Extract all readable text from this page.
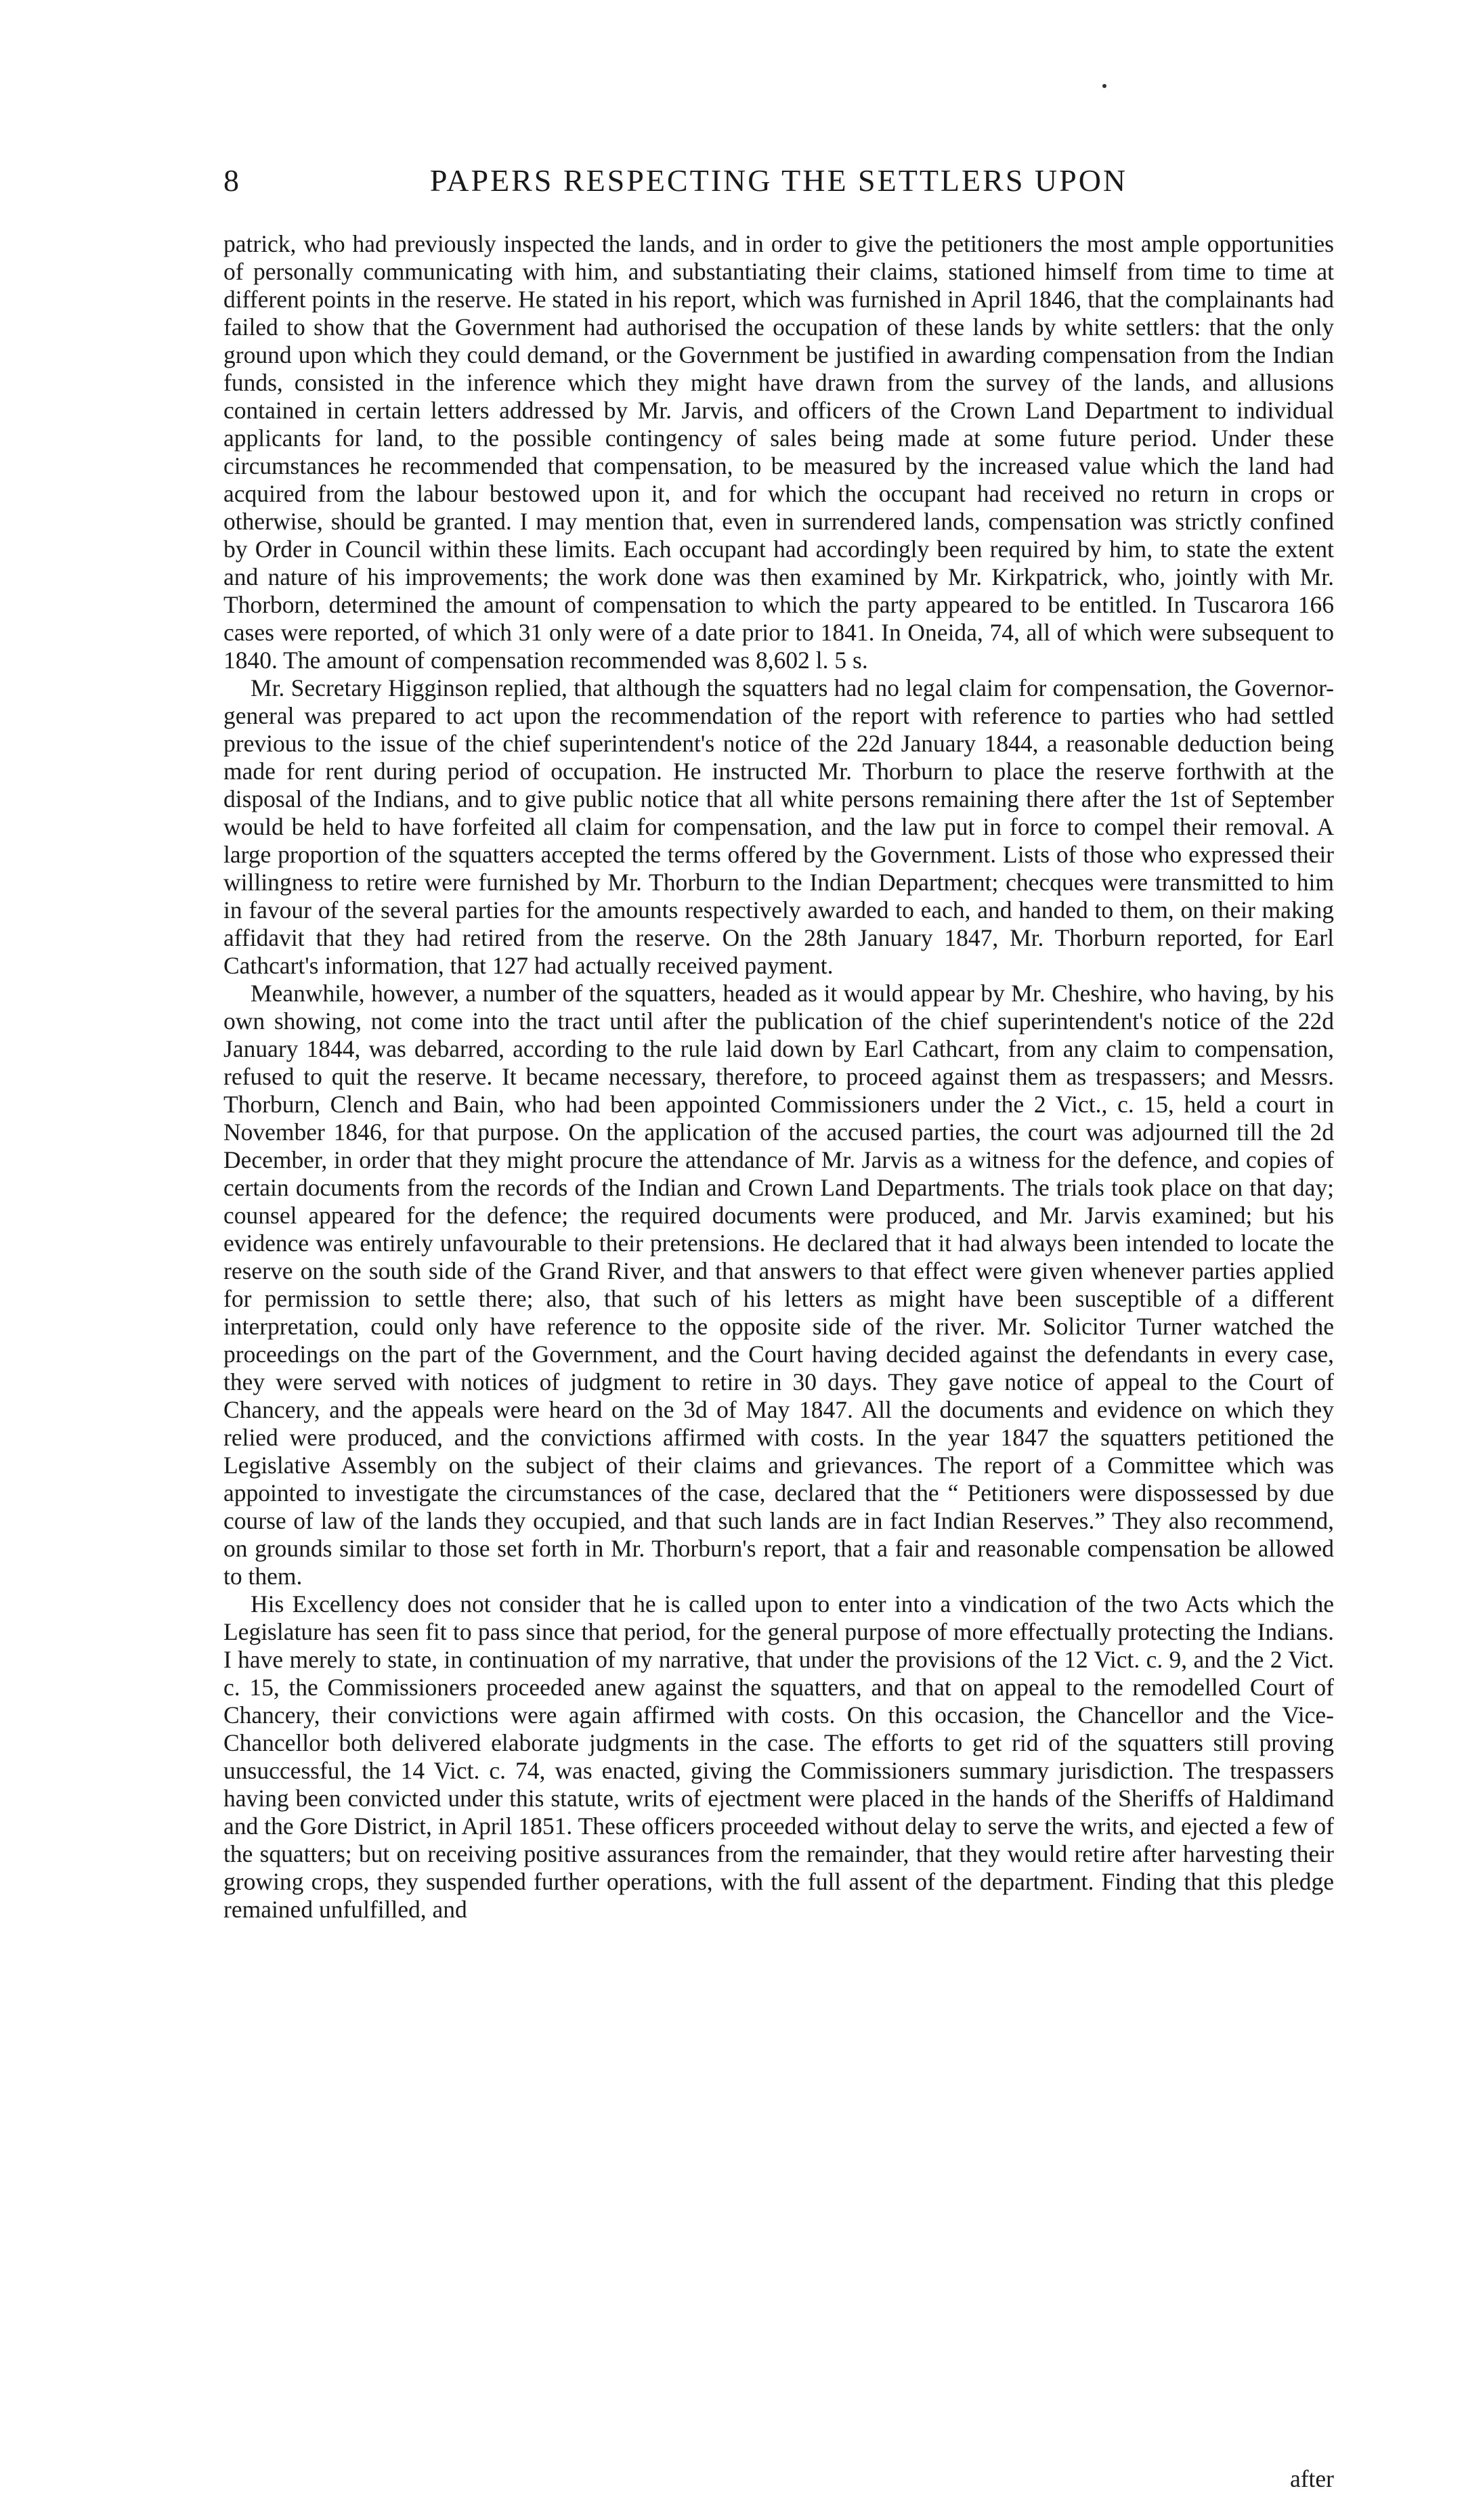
8	PAPERS RESPECTING THE SETTLERS UPON

patrick, who had previously inspected the lands, and in order to give the petitioners the most ample opportunities of personally communicating with him, and substantiating their claims, stationed himself from time to time at different points in the reserve. He stated in his report, which was furnished in April 1846, that the complainants had failed to show that the Government had authorised the occupation of these lands by white settlers: that the only ground upon which they could demand, or the Government be justified in awarding compensation from the Indian funds, consisted in the inference which they might have drawn from the survey of the lands, and allusions contained in certain letters addressed by Mr. Jarvis, and officers of the Crown Land Department to individual applicants for land, to the possible contingency of sales being made at some future period. Under these circumstances he recommended that compensation, to be measured by the increased value which the land had acquired from the labour bestowed upon it, and for which the occupant had received no return in crops or otherwise, should be granted. I may mention that, even in surrendered lands, compensation was strictly confined by Order in Council within these limits. Each occupant had accordingly been required by him, to state the extent and nature of his improvements; the work done was then examined by Mr. Kirkpatrick, who, jointly with Mr. Thorborn, determined the amount of compensation to which the party appeared to be entitled. In Tuscarora 166 cases were reported, of which 31 only were of a date prior to 1841. In Oneida, 74, all of which were subsequent to 1840. The amount of compensation recommended was 8,602 l. 5 s.

Mr. Secretary Higginson replied, that although the squatters had no legal claim for compensation, the Governor-general was prepared to act upon the recommendation of the report with reference to parties who had settled previous to the issue of the chief superintendent's notice of the 22d January 1844, a reasonable deduction being made for rent during period of occupation. He instructed Mr. Thorburn to place the reserve forthwith at the disposal of the Indians, and to give public notice that all white persons remaining there after the 1st of September would be held to have forfeited all claim for compensation, and the law put in force to compel their removal. A large proportion of the squatters accepted the terms offered by the Government. Lists of those who expressed their willingness to retire were furnished by Mr. Thorburn to the Indian Department; checques were transmitted to him in favour of the several parties for the amounts respectively awarded to each, and handed to them, on their making affidavit that they had retired from the reserve. On the 28th January 1847, Mr. Thorburn reported, for Earl Cathcart's information, that 127 had actually received payment.

Meanwhile, however, a number of the squatters, headed as it would appear by Mr. Cheshire, who having, by his own showing, not come into the tract until after the publication of the chief superintendent's notice of the 22d January 1844, was debarred, according to the rule laid down by Earl Cathcart, from any claim to compensation, refused to quit the reserve. It became necessary, therefore, to proceed against them as trespassers; and Messrs. Thorburn, Clench and Bain, who had been appointed Commissioners under the 2 Vict., c. 15, held a court in November 1846, for that purpose. On the application of the accused parties, the court was adjourned till the 2d December, in order that they might procure the attendance of Mr. Jarvis as a witness for the defence, and copies of certain documents from the records of the Indian and Crown Land Departments. The trials took place on that day; counsel appeared for the defence; the required documents were produced, and Mr. Jarvis examined; but his evidence was entirely unfavourable to their pretensions. He declared that it had always been intended to locate the reserve on the south side of the Grand River, and that answers to that effect were given whenever parties applied for permission to settle there; also, that such of his letters as might have been susceptible of a different interpretation, could only have reference to the opposite side of the river. Mr. Solicitor Turner watched the proceedings on the part of the Government, and the Court having decided against the defendants in every case, they were served with notices of judgment to retire in 30 days. They gave notice of appeal to the Court of Chancery, and the appeals were heard on the 3d of May 1847. All the documents and evidence on which they relied were produced, and the convictions affirmed with costs. In the year 1847 the squatters petitioned the Legislative Assembly on the subject of their claims and grievances. The report of a Committee which was appointed to investigate the circumstances of the case, declared that the “ Petitioners were dispossessed by due course of law of the lands they occupied, and that such lands are in fact Indian Reserves.” They also recommend, on grounds similar to those set forth in Mr. Thorburn's report, that a fair and reasonable compensation be allowed to them.

His Excellency does not consider that he is called upon to enter into a vindication of the two Acts which the Legislature has seen fit to pass since that period, for the general purpose of more effectually protecting the Indians. I have merely to state, in continuation of my narrative, that under the provisions of the 12 Vict. c. 9, and the 2 Vict. c. 15, the Commissioners proceeded anew against the squatters, and that on appeal to the remodelled Court of Chancery, their convictions were again affirmed with costs. On this occasion, the Chancellor and the Vice-Chancellor both delivered elaborate judgments in the case. The efforts to get rid of the squatters still proving unsuccessful, the 14 Vict. c. 74, was enacted, giving the Commissioners summary jurisdiction. The trespassers having been convicted under this statute, writs of ejectment were placed in the hands of the Sheriffs of Haldimand and the Gore District, in April 1851. These officers proceeded without delay to serve the writs, and ejected a few of the squatters; but on receiving positive assurances from the remainder, that they would retire after harvesting their growing crops, they suspended further operations, with the full assent of the department. Finding that this pledge remained unfulfilled, and

after
